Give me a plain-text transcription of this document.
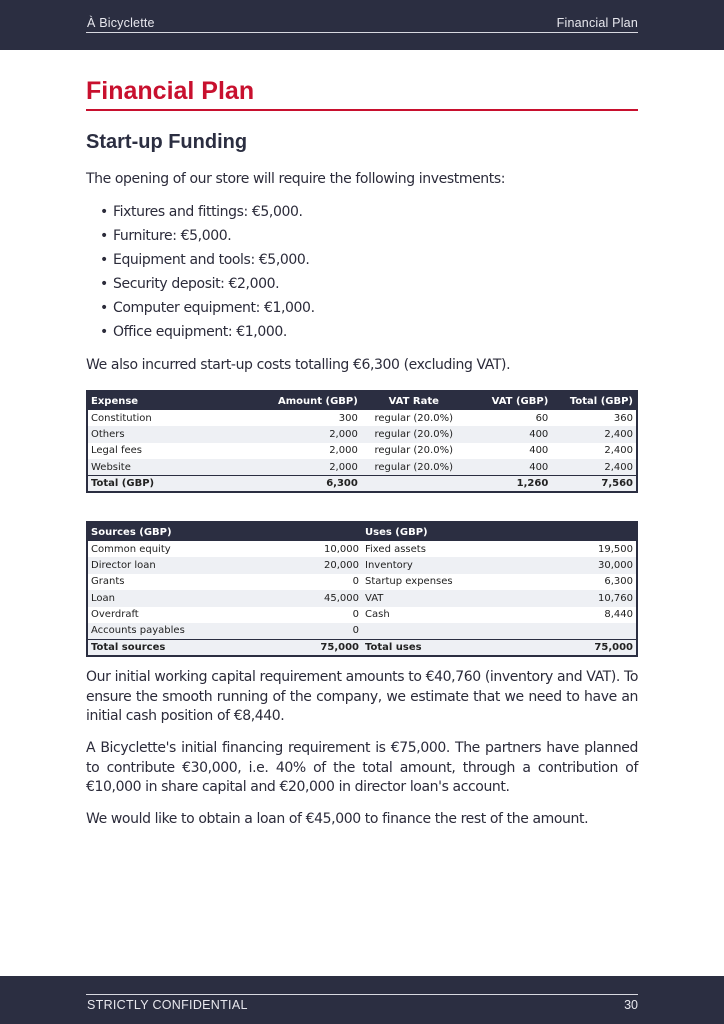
À Bicyclette	Financial Plan
Financial Plan
Start-up Funding
The opening of our store will require the following investments:
• Fixtures and fittings: €5,000.
• Furniture: €5,000.
• Equipment and tools: €5,000.
• Security deposit: €2,000.
• Computer equipment: €1,000.
• Office equipment: €1,000.
We also incurred start-up costs totalling €6,300 (excluding VAT).
Expense	Amount (GBP)	VAT Rate	VAT (GBP)	Total (GBP)
Constitution	300	regular (20.0%)	60	360
Others	2,000	regular (20.0%)	400	2,400
Legal fees	2,000	regular (20.0%)	400	2,400
Website	2,000	regular (20.0%)	400	2,400
Total (GBP)	6,300		1,260	7,560
Sources (GBP)		Uses (GBP)	
Common equity	10,000	Fixed assets	19,500
Director loan	20,000	Inventory	30,000
Grants	0	Startup expenses	6,300
Loan	45,000	VAT	10,760
Overdraft	0	Cash	8,440
Accounts payables	0		
Total sources	75,000	Total uses	75,000
Our initial working capital requirement amounts to €40,760 (inventory and VAT). To ensure the smooth running of the company, we estimate that we need to have an initial cash position of €8,440.
A Bicyclette's initial financing requirement is €75,000. The partners have planned to contribute €30,000, i.e. 40% of the total amount, through a contribution of €10,000 in share capital and €20,000 in director loan's account.
We would like to obtain a loan of €45,000 to finance the rest of the amount.
STRICTLY CONFIDENTIAL	30
